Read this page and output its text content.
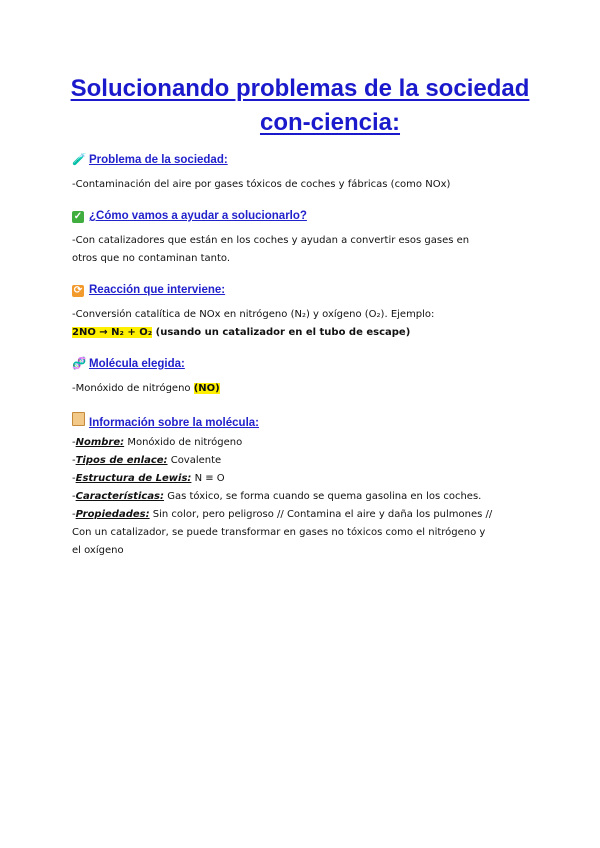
Solucionando problemas de la sociedad
con-ciencia:
🧪 Problema de la sociedad:

-Contaminación del aire por gases tóxicos de coches y fábricas (como NOx)

✓ ¿Cómo vamos a ayudar a solucionarlo?

-Con catalizadores que están en los coches y ayudan a convertir esos gases en
otros que no contaminan tanto.

⟳ Reacción que interviene:

-Conversión catalítica de NOx en nitrógeno (N₂) y oxígeno (O₂). Ejemplo:
2NO → N₂ + O₂ (usando un catalizador en el tubo de escape)

🧬 Molécula elegida:

-Monóxido de nitrógeno (NO)

Información sobre la molécula:
-Nombre: Monóxido de nitrógeno
-Tipos de enlace: Covalente
-Estructura de Lewis: N ≡ O
-Características: Gas tóxico, se forma cuando se quema gasolina en los coches.
-Propiedades: Sin color, pero peligroso // Contamina el aire y daña los pulmones //
Con un catalizador, se puede transformar en gases no tóxicos como el nitrógeno y
el oxígeno
